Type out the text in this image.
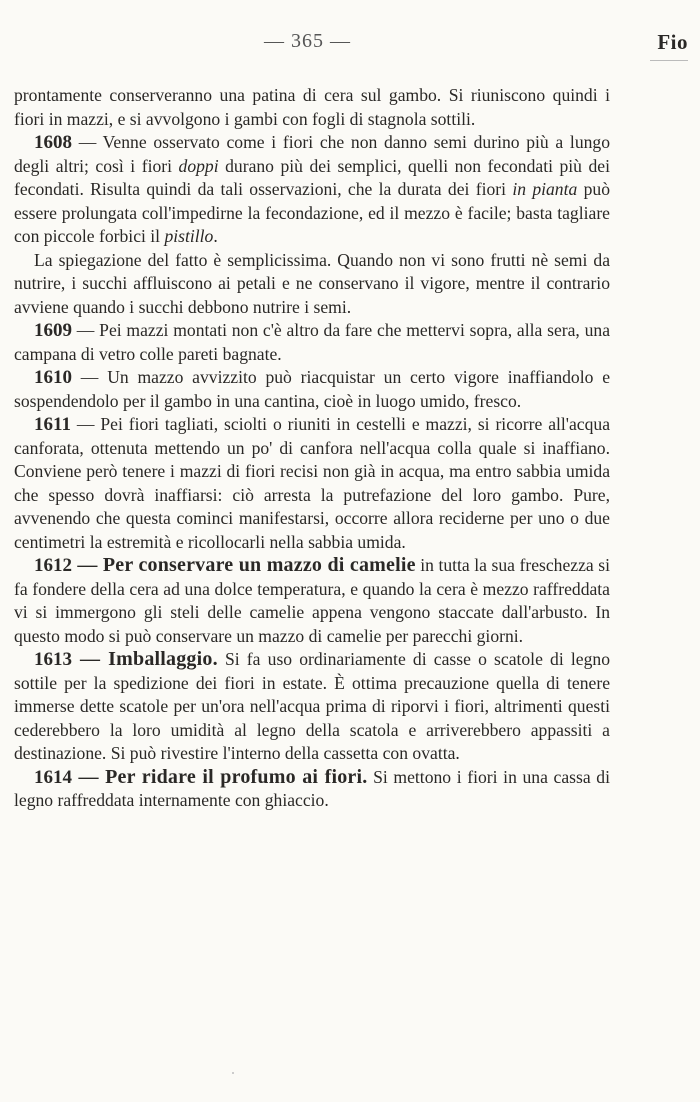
— 365 —	Fio

prontamente conserveranno una patina di cera sul gambo. Si riuniscono quindi i fiori in mazzi, e si avvolgono i gambi con fogli di stagnola sottili.

1608 — Venne osservato come i fiori che non danno semi durino più a lungo degli altri; così i fiori doppi durano più dei semplici, quelli non fecondati più dei fecondati. Risulta quindi da tali osservazioni, che la durata dei fiori in pianta può essere prolungata coll'impedirne la fecondazione, ed il mezzo è facile; basta tagliare con piccole forbici il pistillo.

La spiegazione del fatto è semplicissima. Quando non vi sono frutti nè semi da nutrire, i succhi affluiscono ai petali e ne conservano il vigore, mentre il contrario avviene quando i succhi debbono nutrire i semi.

1609 — Pei mazzi montati non c'è altro da fare che mettervi sopra, alla sera, una campana di vetro colle pareti bagnate.

1610 — Un mazzo avvizzito può riacquistar un certo vigore inaffiandolo e sospendendolo per il gambo in una cantina, cioè in luogo umido, fresco.

1611 — Pei fiori tagliati, sciolti o riuniti in cestelli e mazzi, si ricorre all'acqua canforata, ottenuta mettendo un po' di canfora nell'acqua colla quale si inaffiano. Conviene però tenere i mazzi di fiori recisi non già in acqua, ma entro sabbia umida che spesso dovrà inaffiarsi: ciò arresta la putrefazione del loro gambo. Pure, avvenendo che questa cominci manifestarsi, occorre allora reciderne per uno o due centimetri la estremità e ricollocarli nella sabbia umida.

1612 — Per conservare un mazzo di camelie in tutta la sua freschezza si fa fondere della cera ad una dolce temperatura, e quando la cera è mezzo raffreddata vi si immergono gli steli delle camelie appena vengono staccate dall'arbusto. In questo modo si può conservare un mazzo di camelie per parecchi giorni.

1613 — Imballaggio. Si fa uso ordinariamente di casse o scatole di legno sottile per la spedizione dei fiori in estate. È ottima precauzione quella di tenere immerse dette scatole per un'ora nell'acqua prima di riporvi i fiori, altrimenti questi cederebbero la loro umidità al legno della scatola e arriverebbero appassiti a destinazione. Si può rivestire l'interno della cassetta con ovatta.

1614 — Per ridare il profumo ai fiori. Si mettono i fiori in una cassa di legno raffreddata internamente con ghiaccio.
